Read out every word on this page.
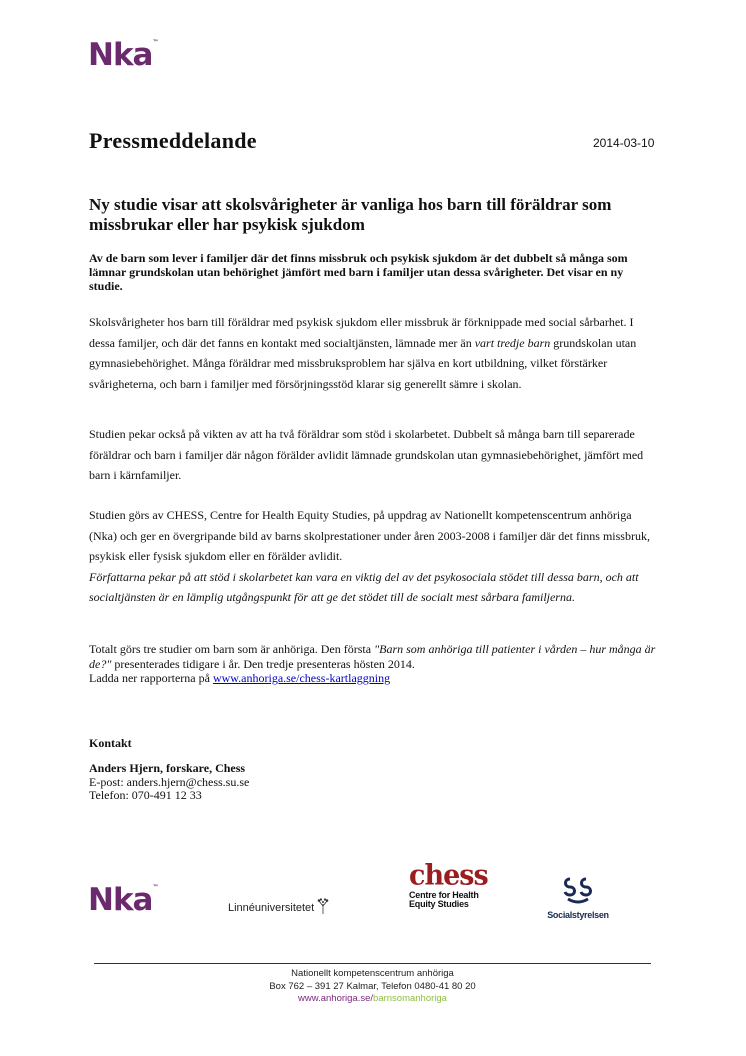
Nka™
Pressmeddelande	2014-03-10
Ny studie visar att skolsvårigheter är vanliga hos barn till föräldrar som missbrukar eller har psykisk sjukdom
Av de barn som lever i familjer där det finns missbruk och psykisk sjukdom är det dubbelt så många som lämnar grundskolan utan behörighet jämfört med barn i familjer utan dessa svårigheter. Det visar en ny studie.
Skolsvårigheter hos barn till föräldrar med psykisk sjukdom eller missbruk är förknippade med social sårbarhet. I dessa familjer, och där det fanns en kontakt med socialtjänsten, lämnade mer än vart tredje barn grundskolan utan gymnasiebehörighet. Många föräldrar med missbruksproblem har själva en kort utbildning, vilket förstärker svårigheterna, och barn i familjer med försörjningsstöd klarar sig generellt sämre i skolan.
Studien pekar också på vikten av att ha två föräldrar som stöd i skolarbetet. Dubbelt så många barn till separerade föräldrar och barn i familjer där någon förälder avlidit lämnade grundskolan utan gymnasiebehörighet, jämfört med barn i kärnfamiljer.
Studien görs av CHESS, Centre for Health Equity Studies, på uppdrag av Nationellt kompetenscentrum anhöriga (Nka) och ger en övergripande bild av barns skolprestationer under åren 2003-2008 i familjer där det finns missbruk, psykisk eller fysisk sjukdom eller en förälder avlidit.
Författarna pekar på att stöd i skolarbetet kan vara en viktig del av det psykosociala stödet till dessa barn, och att socialtjänsten är en lämplig utgångspunkt för att ge det stödet till de socialt mest sårbara familjerna.
Totalt görs tre studier om barn som är anhöriga. Den första "Barn som anhöriga till patienter i vården – hur många är de?" presenterades tidigare i år. Den tredje presenteras hösten 2014.
Ladda ner rapporterna på www.anhoriga.se/chess-kartlaggning
Kontakt
Anders Hjern, forskare, Chess
E-post: anders.hjern@chess.su.se
Telefon: 070-491 12 33
Nka™
Linnéuniversitetet
chess
Centre for Health
Equity Studies
Socialstyrelsen
Nationellt kompetenscentrum anhöriga
Box 762 – 391 27 Kalmar, Telefon 0480-41 80 20
www.anhoriga.se/barnsomanhoriga
